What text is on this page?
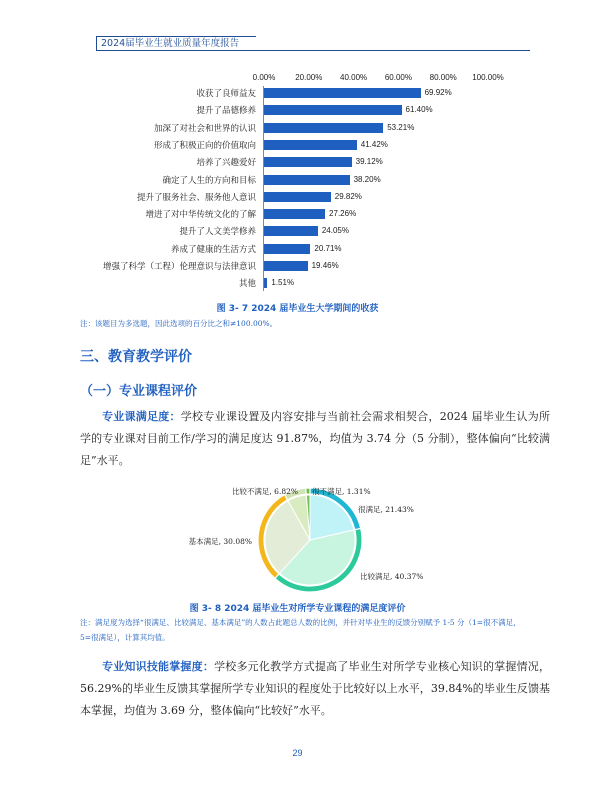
2024届毕业生就业质量年度报告
0.00% 20.00% 40.00% 60.00% 80.00% 100.00%
收获了良师益友	69.92%
提升了品德修养	61.40%
加深了对社会和世界的认识	53.21%
形成了积极正向的价值取向	41.42%
培养了兴趣爱好	39.12%
确定了人生的方向和目标	38.20%
提升了服务社会、服务他人意识	29.82%
增进了对中华传统文化的了解	27.26%
提升了人文美学修养	24.05%
养成了健康的生活方式	20.71%
增强了科学（工程）伦理意识与法律意识	19.46%
其他 1.51%
图 3- 7 2024 届毕业生大学期间的收获
注：该题目为多选题，因此选项的百分比之和≠100.00%。
三、教育教学评价
（一）专业课程评价
专业课满足度：学校专业课设置及内容安排与当前社会需求相契合，2024 届毕业生认为所学的专业课对目前工作/学习的满足度达 91.87%，均值为 3.74 分（5 分制），整体偏向“比较满足”水平。
很满足, 21.43%
比较满足, 40.37%
基本满足, 30.08%
比较不满足, 6.82% 很不满足, 1.31%
图 3- 8 2024 届毕业生对所学专业课程的满足度评价
注：满足度为选择“很满足、比较满足、基本满足”的人数占此题总人数的比例，并针对毕业生的反馈分别赋予 1-5 分（1=很不满足，5=很满足），计算其均值。
专业知识技能掌握度：学校多元化教学方式提高了毕业生对所学专业核心知识的掌握情况，56.29%的毕业生反馈其掌握所学专业知识的程度处于比较好以上水平，39.84%的毕业生反馈基本掌握，均值为 3.69 分，整体偏向“比较好”水平。
29
